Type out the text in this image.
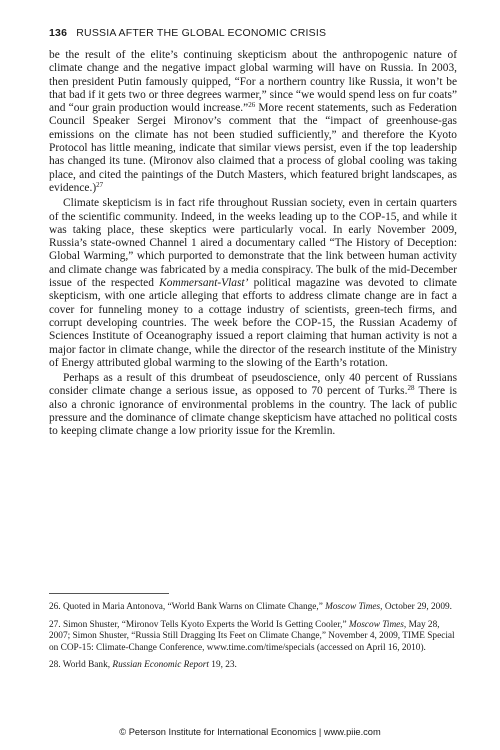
136 RUSSIA AFTER THE GLOBAL ECONOMIC CRISIS

be the result of the elite’s continuing skepticism about the anthropogenic nature of climate change and the negative impact global warming will have on Russia. In 2003, then president Putin famously quipped, “For a northern country like Russia, it won’t be that bad if it gets two or three degrees warmer,” since “we would spend less on fur coats” and “our grain production would increase.”$^{26}$ More recent statements, such as Federation Council Speaker Sergei Mironov’s comment that the “impact of greenhouse-gas emissions on the climate has not been studied sufficiently,” and therefore the Kyoto Protocol has little meaning, indicate that similar views persist, even if the top leadership has changed its tune. (Mironov also claimed that a process of global cooling was taking place, and cited the paintings of the Dutch Masters, which featured bright landscapes, as evidence.)$^{27}$

Climate skepticism is in fact rife throughout Russian society, even in certain quarters of the scientific community. Indeed, in the weeks leading up to the COP-15, and while it was taking place, these skeptics were particularly vocal. In early November 2009, Russia’s state-owned Channel 1 aired a documentary called “The History of Deception: Global Warming,” which purported to demonstrate that the link between human activity and climate change was fabricated by a media conspiracy. The bulk of the mid-December issue of the respected Kommersant-Vlast’ political magazine was devoted to climate skepticism, with one article alleging that efforts to address climate change are in fact a cover for funneling money to a cottage industry of scientists, green-tech firms, and corrupt developing countries. The week before the COP-15, the Russian Academy of Sciences Institute of Oceanography issued a report claiming that human activity is not a major factor in climate change, while the director of the research institute of the Ministry of Energy attributed global warming to the slowing of the Earth’s rotation.

Perhaps as a result of this drumbeat of pseudoscience, only 40 percent of Russians consider climate change a serious issue, as opposed to 70 percent of Turks.$^{28}$ There is also a chronic ignorance of environmental problems in the country. The lack of public pressure and the dominance of climate change skepticism have attached no political costs to keeping climate change a low priority issue for the Kremlin.

26. Quoted in Maria Antonova, “World Bank Warns on Climate Change,” Moscow Times, October 29, 2009.

27. Simon Shuster, “Mironov Tells Kyoto Experts the World Is Getting Cooler,” Moscow Times, May 28, 2007; Simon Shuster, “Russia Still Dragging Its Feet on Climate Change,” November 4, 2009, TIME Special on COP-15: Climate-Change Conference, www.time.com/time/specials (accessed on April 16, 2010).

28. World Bank, Russian Economic Report 19, 23.

© Peterson Institute for International Economics | www.piie.com
